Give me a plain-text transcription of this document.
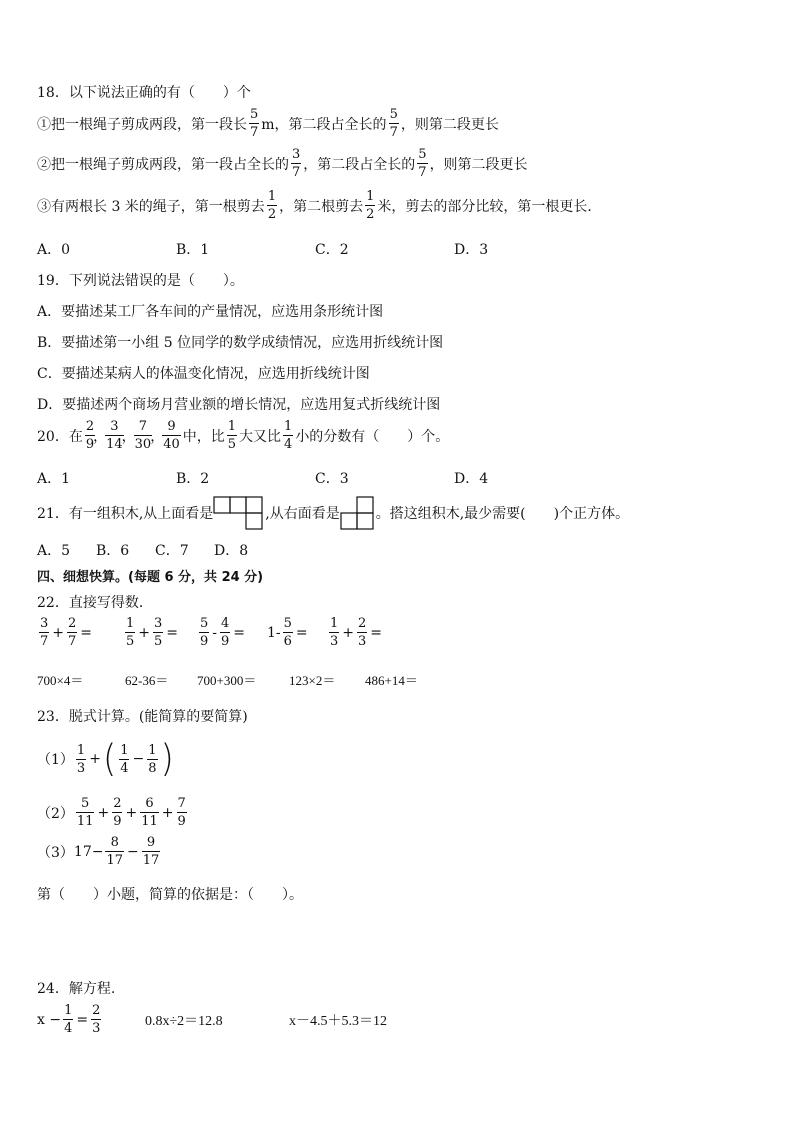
18．以下说法正确的有（　　）个
①把一根绳子剪成两段，第一段长 $\frac{5}{7}$ m，第二段占全长的 $\frac{5}{7}$ ，则第二段更长
②把一根绳子剪成两段，第一段占全长的 $\frac{3}{7}$ ，第二段占全长的 $\frac{5}{7}$ ，则第二段更长
③有两根长 3 米的绳子，第一根剪去 $\frac{1}{2}$ ，第二根剪去 $\frac{1}{2}$ 米，剪去的部分比较，第一根更长．
A．0	B．1	C．2	D．3
19．下列说法错误的是（　　）。
A．要描述某工厂各车间的产量情况，应选用条形统计图
B．要描述第一小组 5 位同学的数学成绩情况，应选用折线统计图
C．要描述某病人的体温变化情况，应选用折线统计图
D．要描述两个商场月营业额的增长情况，应选用复式折线统计图
20．在 $\frac{2}{9}$
，
$\frac{3}{14}$
，
$\frac{7}{30}$
，
$\frac{9}{40}$ 中，比 $\frac{1}{5}$ 大又比 $\frac{1}{4}$ 小的分数有（　　）个。
A．1	B．2	C．3	D．4
21．有一组积木,从上面看是	,从右面看是	。搭这组积木,最少需要(　　)个正方体。
A．5	B．6	C．7	D．8
四、细想快算。(每题 6 分，共 24 分)
22．直接写得数．
$\frac{3}{7} + \frac{2}{7}$ =	$\frac{1}{5} + \frac{3}{5} = \frac{5}{9} - \frac{4}{9} = 1- \frac{5}{6} = \frac{1}{3} + \frac{2}{3}$ =
700×4＝	62-36＝	700+300＝	123×2＝	486+14＝
23．脱式计算。(能简算的要简算)
$(1) \frac{1}{3}$ + ( $\frac{1}{4} - \frac{1}{8}$ )
$(2) \frac{5}{11} + \frac{2}{9} + \frac{6}{11} + \frac{7}{9}$
（3） $17- \frac{8}{17} - \frac{9}{17}$
第（　　）小题，简算的依据是：（　　）。
24．解方程.
$x - \frac{1}{4} = \frac{2}{3}$	0.8x÷2＝12.8	x－4.5＋5.3＝12
